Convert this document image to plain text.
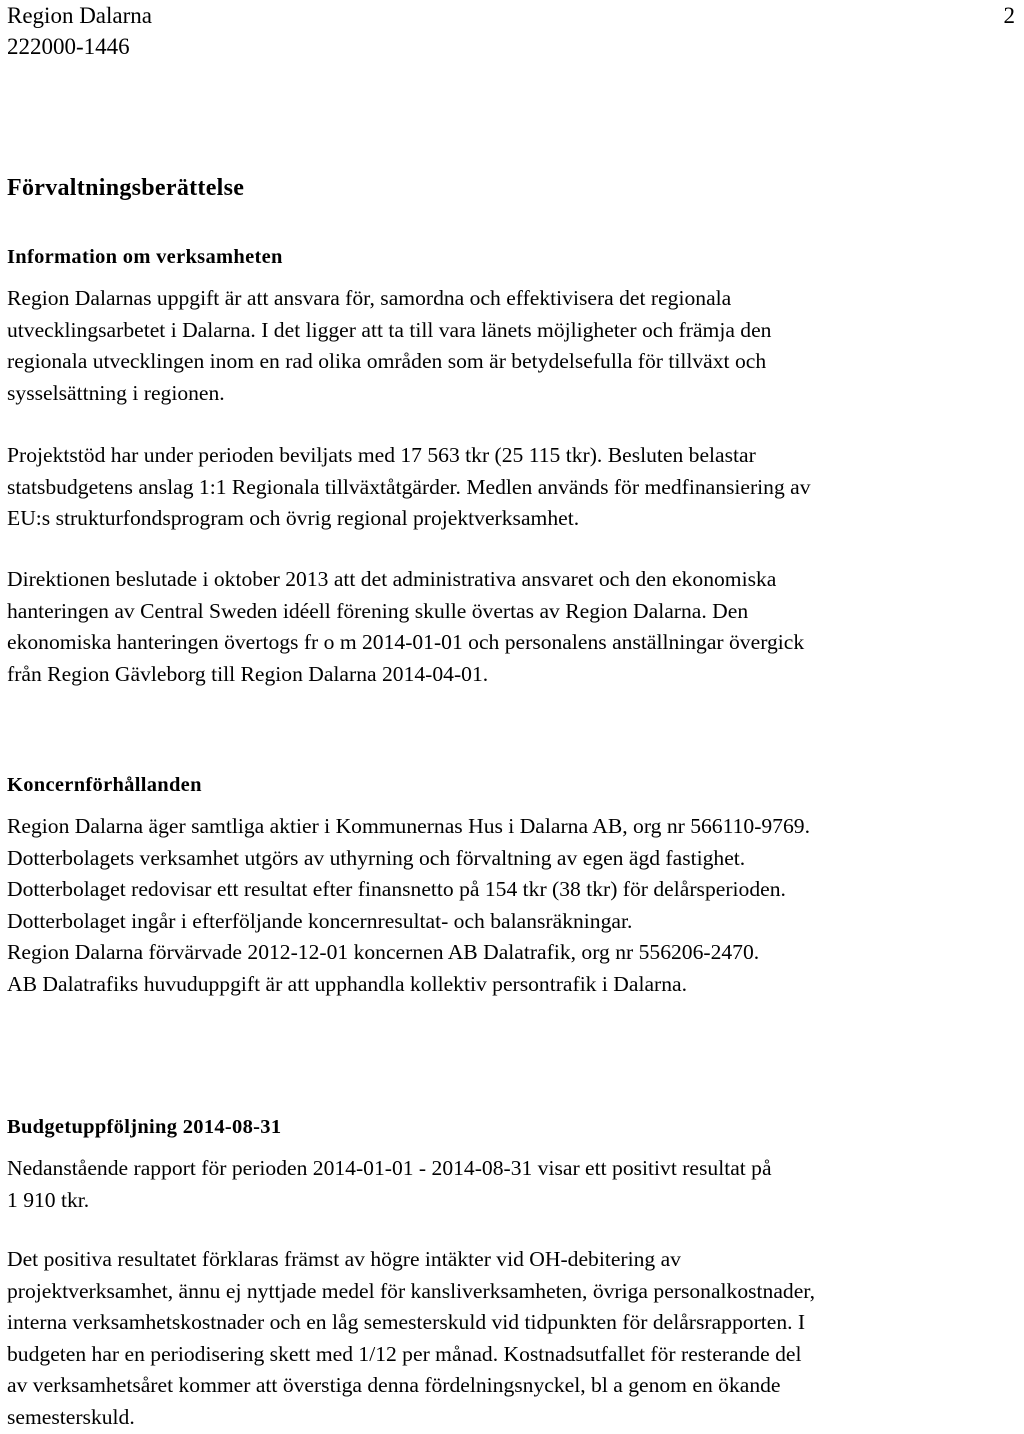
Region Dalarna
222000-1446
2
Förvaltningsberättelse
Information om verksamheten
Region Dalarnas uppgift är att ansvara för, samordna och effektivisera det regionala
utvecklingsarbetet i Dalarna. I det ligger att ta till vara länets möjligheter och främja den
regionala utvecklingen inom en rad olika områden som är betydelsefulla för tillväxt och
sysselsättning i regionen.
Projektstöd har under perioden beviljats med 17 563 tkr (25 115 tkr). Besluten belastar
statsbudgetens anslag 1:1 Regionala tillväxtåtgärder. Medlen används för medfinansiering av
EU:s strukturfondsprogram och övrig regional projektverksamhet.
Direktionen beslutade i oktober 2013 att det administrativa ansvaret och den ekonomiska
hanteringen av Central Sweden idéell förening skulle övertas av Region Dalarna. Den
ekonomiska hanteringen övertogs fr o m 2014-01-01 och personalens anställningar övergick
från Region Gävleborg till Region Dalarna 2014-04-01.
Koncernförhållanden
Region Dalarna äger samtliga aktier i Kommunernas Hus i Dalarna AB, org nr 566110-9769.
Dotterbolagets verksamhet utgörs av uthyrning och förvaltning av egen ägd fastighet.
Dotterbolaget redovisar ett resultat efter finansnetto på 154 tkr (38 tkr) för delårsperioden.
Dotterbolaget ingår i efterföljande koncernresultat- och balansräkningar.
Region Dalarna förvärvade 2012-12-01 koncernen AB Dalatrafik, org nr 556206-2470.
AB Dalatrafiks huvuduppgift är att upphandla kollektiv persontrafik i Dalarna.
Budgetuppföljning 2014-08-31
Nedanstående rapport för perioden 2014-01-01 - 2014-08-31 visar ett positivt resultat på
1 910 tkr.
Det positiva resultatet förklaras främst av högre intäkter vid OH-debitering av
projektverksamhet, ännu ej nyttjade medel för kansliverksamheten, övriga personalkostnader,
interna verksamhetskostnader och en låg semesterskuld vid tidpunkten för delårsrapporten. I
budgeten har en periodisering skett med 1/12 per månad. Kostnadsutfallet för resterande del
av verksamhetsåret kommer att överstiga denna fördelningsnyckel, bl a genom en ökande
semesterskuld.
